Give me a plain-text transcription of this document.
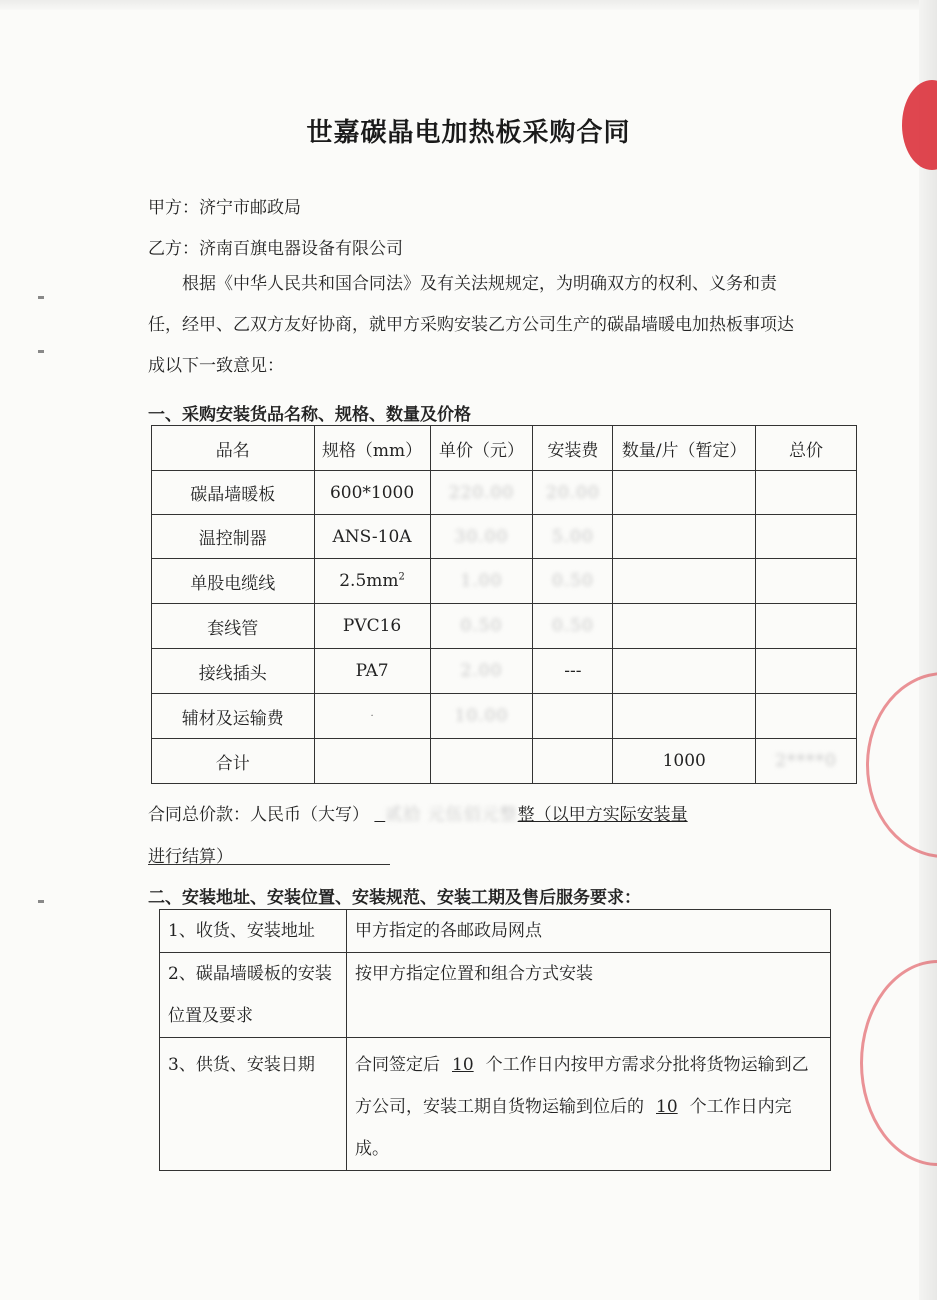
世嘉碳晶电加热板采购合同
甲方：济宁市邮政局
乙方：济南百旗电器设备有限公司
根据《中华人民共和国合同法》及有关法规规定，为明确双方的权利、义务和责任，经甲、乙双方友好协商，就甲方采购安装乙方公司生产的碳晶墙暖电加热板事项达成以下一致意见：
一、采购安装货品名称、规格、数量及价格
品名	规格（mm）	单价（元）	安装费	数量/片（暂定）	总价
碳晶墙暖板	600*1000	220.00	20.00		
温控制器	ANS-10A	30.00	5.00		
单股电缆线	$2.5mm^2$	1.00	0.50		
套线管	PVC16	0.50	0.50		
接线插头	PA7	2.00	---		
辅材及运输费	·	10.00			
合计				1000	2****0
合同总价款：人民币（大写） 贰拾 元伍佰元整整（以甲方实际安装量
进行结算）
二、安装地址、安装位置、安装规范、安装工期及售后服务要求：
1、收货、安装地址	甲方指定的各邮政局网点
2、碳晶墙暖板的安装位置及要求	按甲方指定位置和组合方式安装
3、供货、安装日期	合同签定后 10 个工作日内按甲方需求分批将货物运输到乙方公司，安装工期自货物运输到位后的 10 个工作日内完成。
